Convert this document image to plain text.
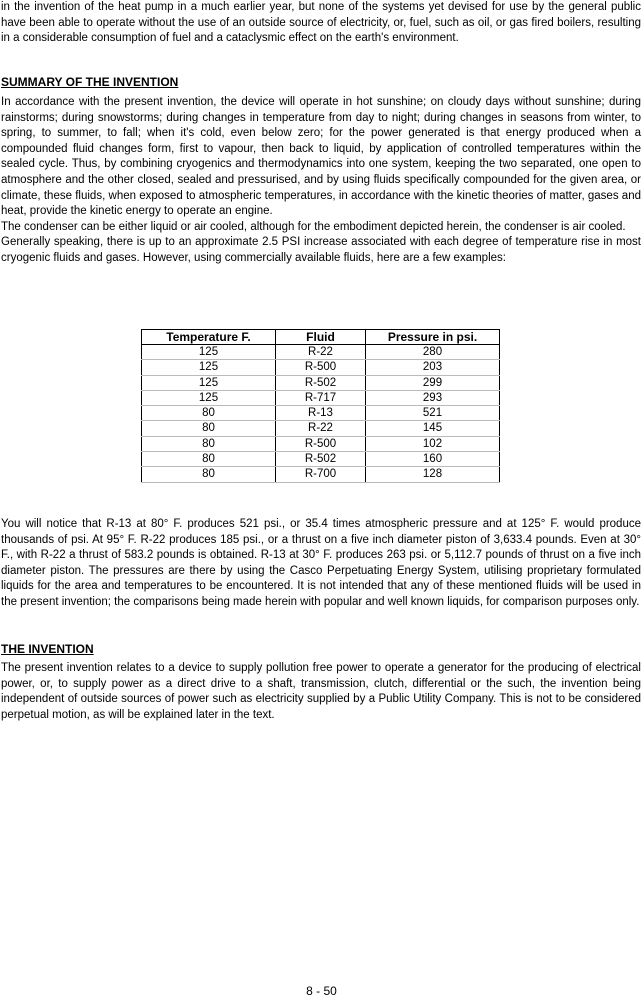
in the invention of the heat pump in a much earlier year, but none of the systems yet devised for use by the general public have been able to operate without the use of an outside source of electricity, or, fuel, such as oil, or gas fired boilers, resulting in a considerable consumption of fuel and a cataclysmic effect on the earth's environment.

SUMMARY OF THE INVENTION

In accordance with the present invention, the device will operate in hot sunshine; on cloudy days without sunshine; during rainstorms; during snowstorms; during changes in temperature from day to night; during changes in seasons from winter, to spring, to summer, to fall; when it's cold, even below zero; for the power generated is that energy produced when a compounded fluid changes form, first to vapour, then back to liquid, by application of controlled temperatures within the sealed cycle. Thus, by combining cryogenics and thermodynamics into one system, keeping the two separated, one open to atmosphere and the other closed, sealed and pressurised, and by using fluids specifically compounded for the given area, or climate, these fluids, when exposed to atmospheric temperatures, in accordance with the kinetic theories of matter, gases and heat, provide the kinetic energy to operate an engine.

The condenser can be either liquid or air cooled, although for the embodiment depicted herein, the condenser is air cooled.

Generally speaking, there is up to an approximate 2.5 PSI increase associated with each degree of temperature rise in most cryogenic fluids and gases. However, using commercially available fluids, here are a few examples:

Temperature F.	Fluid	Pressure in psi.
125	R-22	280
125	R-500	203
125	R-502	299
125	R-717	293
80	R-13	521
80	R-22	145
80	R-500	102
80	R-502	160
80	R-700	128

You will notice that R-13 at 80° F. produces 521 psi., or 35.4 times atmospheric pressure and at 125° F. would produce thousands of psi. At 95° F. R-22 produces 185 psi., or a thrust on a five inch diameter piston of 3,633.4 pounds. Even at 30° F., with R-22 a thrust of 583.2 pounds is obtained. R-13 at 30° F. produces 263 psi. or 5,112.7 pounds of thrust on a five inch diameter piston. The pressures are there by using the Casco Perpetuating Energy System, utilising proprietary formulated liquids for the area and temperatures to be encountered. It is not intended that any of these mentioned fluids will be used in the present invention; the comparisons being made herein with popular and well known liquids, for comparison purposes only.

THE INVENTION

The present invention relates to a device to supply pollution free power to operate a generator for the producing of electrical power, or, to supply power as a direct drive to a shaft, transmission, clutch, differential or the such, the invention being independent of outside sources of power such as electricity supplied by a Public Utility Company. This is not to be considered perpetual motion, as will be explained later in the text.

8 - 50
